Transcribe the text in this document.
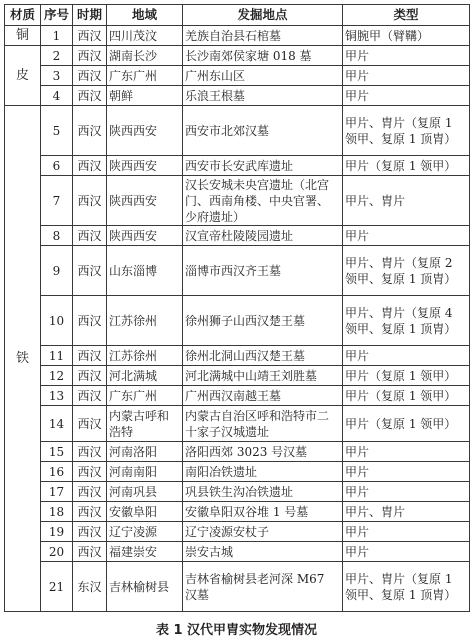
材质	序号	时期	地域	发掘地点	类型
铜	1	西汉	四川茂汶	羌族自治县石棺墓	铜腕甲（臂鞲）
皮	2	西汉	湖南长沙	长沙南郊侯家塘 018 墓	甲片
	3	西汉	广东广州	广州东山区	甲片
	4	西汉	朝鲜	乐浪王根墓	甲片
铁	5	西汉	陕西西安	西安市北郊汉墓	甲片、胄片（复原 1 领甲、复原 1 顶胄）
	6	西汉	陕西西安	西安市长安武库遗址	甲片（复原 1 领甲）
	7	西汉	陕西西安	汉长安城未央宫遗址（北宫门、西南角楼、中央官署、少府遗址）	甲片、胄片
	8	西汉	陕西西安	汉宣帝杜陵陵园遗址	甲片
	9	西汉	山东淄博	淄博市西汉齐王墓	甲片、胄片（复原 2 领甲、复原 1 顶胄）
	10	西汉	江苏徐州	徐州狮子山西汉楚王墓	甲片、胄片（复原 4 领甲、复原 1 顶胄）
	11	西汉	江苏徐州	徐州北洞山西汉楚王墓	甲片
	12	西汉	河北满城	河北满城中山靖王刘胜墓	甲片（复原 1 领甲）
	13	西汉	广东广州	广州西汉南越王墓	甲片（复原 1 领甲）
	14	西汉	内蒙古呼和浩特	内蒙古自治区呼和浩特市二十家子汉城遗址	甲片（复原 1 领甲）
	15	西汉	河南洛阳	洛阳西郊 3023 号汉墓	甲片
	16	西汉	河南南阳	南阳冶铁遗址	甲片
	17	西汉	河南巩县	巩县铁生沟冶铁遗址	甲片
	18	西汉	安徽阜阳	安徽阜阳双谷堆 1 号墓	甲片、胄片
	19	西汉	辽宁凌源	辽宁凌源安杖子	甲片
	20	西汉	福建崇安	崇安古城	甲片
	21	东汉	吉林榆树县	吉林省榆树县老河深 M67 汉墓	甲片、胄片（复原 1 领甲、复原 1 顶胄）
表 1 汉代甲胄实物发现情况
